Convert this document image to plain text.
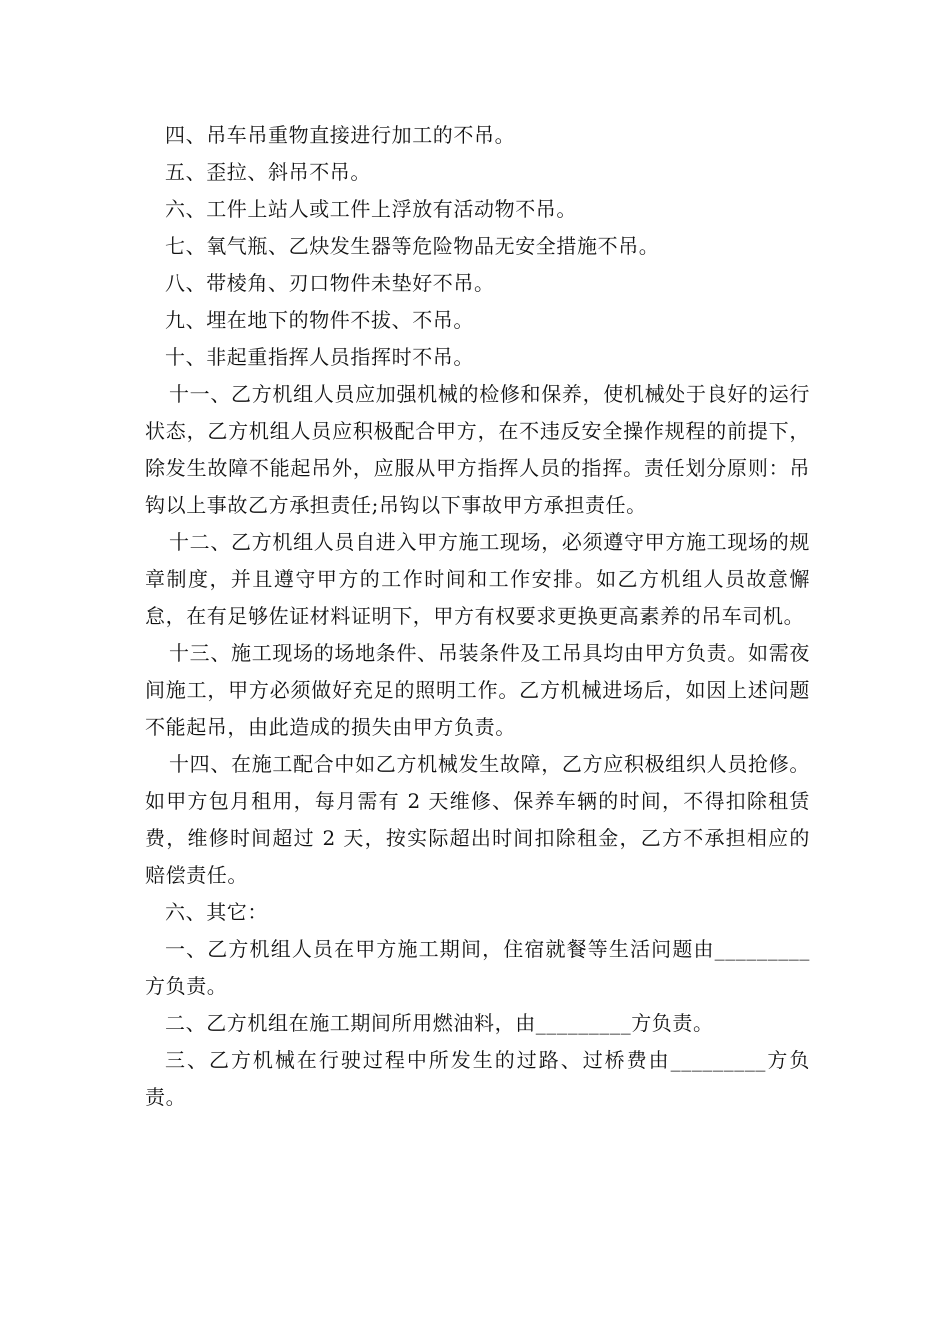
四、吊车吊重物直接进行加工的不吊。

五、歪拉、斜吊不吊。

六、工件上站人或工件上浮放有活动物不吊。

七、氧气瓶、乙炔发生器等危险物品无安全措施不吊。

八、带棱角、刃口物件未垫好不吊。

九、埋在地下的物件不拔、不吊。

十、非起重指挥人员指挥时不吊。

十一、乙方机组人员应加强机械的检修和保养，使机械处于良好的运行状态，乙方机组人员应积极配合甲方，在不违反安全操作规程的前提下，除发生故障不能起吊外，应服从甲方指挥人员的指挥。责任划分原则：吊钩以上事故乙方承担责任;吊钩以下事故甲方承担责任。

十二、乙方机组人员自进入甲方施工现场，必须遵守甲方施工现场的规章制度，并且遵守甲方的工作时间和工作安排。如乙方机组人员故意懈怠，在有足够佐证材料证明下，甲方有权要求更换更高素养的吊车司机。

十三、施工现场的场地条件、吊装条件及工吊具均由甲方负责。如需夜间施工，甲方必须做好充足的照明工作。乙方机械进场后，如因上述问题不能起吊，由此造成的损失由甲方负责。

十四、在施工配合中如乙方机械发生故障，乙方应积极组织人员抢修。如甲方包月租用，每月需有 2 天维修、保养车辆的时间，不得扣除租赁费，维修时间超过 2 天，按实际超出时间扣除租金，乙方不承担相应的赔偿责任。

六、其它：

一、乙方机组人员在甲方施工期间，住宿就餐等生活问题由_________方负责。

二、乙方机组在施工期间所用燃油料，由_________方负责。

三、乙方机械在行驶过程中所发生的过路、过桥费由_________方负责。
